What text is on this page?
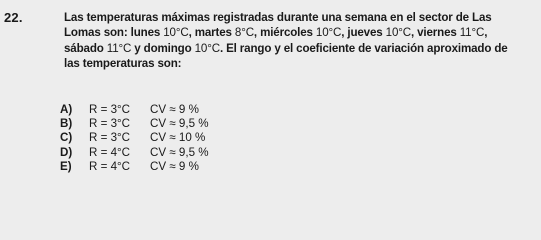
22.	Las temperaturas máximas registradas durante una semana en el sector de Las
Lomas son: lunes 10°C, martes 8°C, miércoles 10°C, jueves 10°C, viernes 11°C,
sábado 11°C y domingo 10°C. El rango y el coeficiente de variación aproximado de
las temperaturas son:
A)	R = 3°C CV ≈ 9 %
B)	R = 3°C CV ≈ 9,5 %
C)	R = 3°C CV ≈ 10 %
D)	R = 4°C CV ≈ 9,5 %
E)	R = 4°C CV ≈ 9 %
